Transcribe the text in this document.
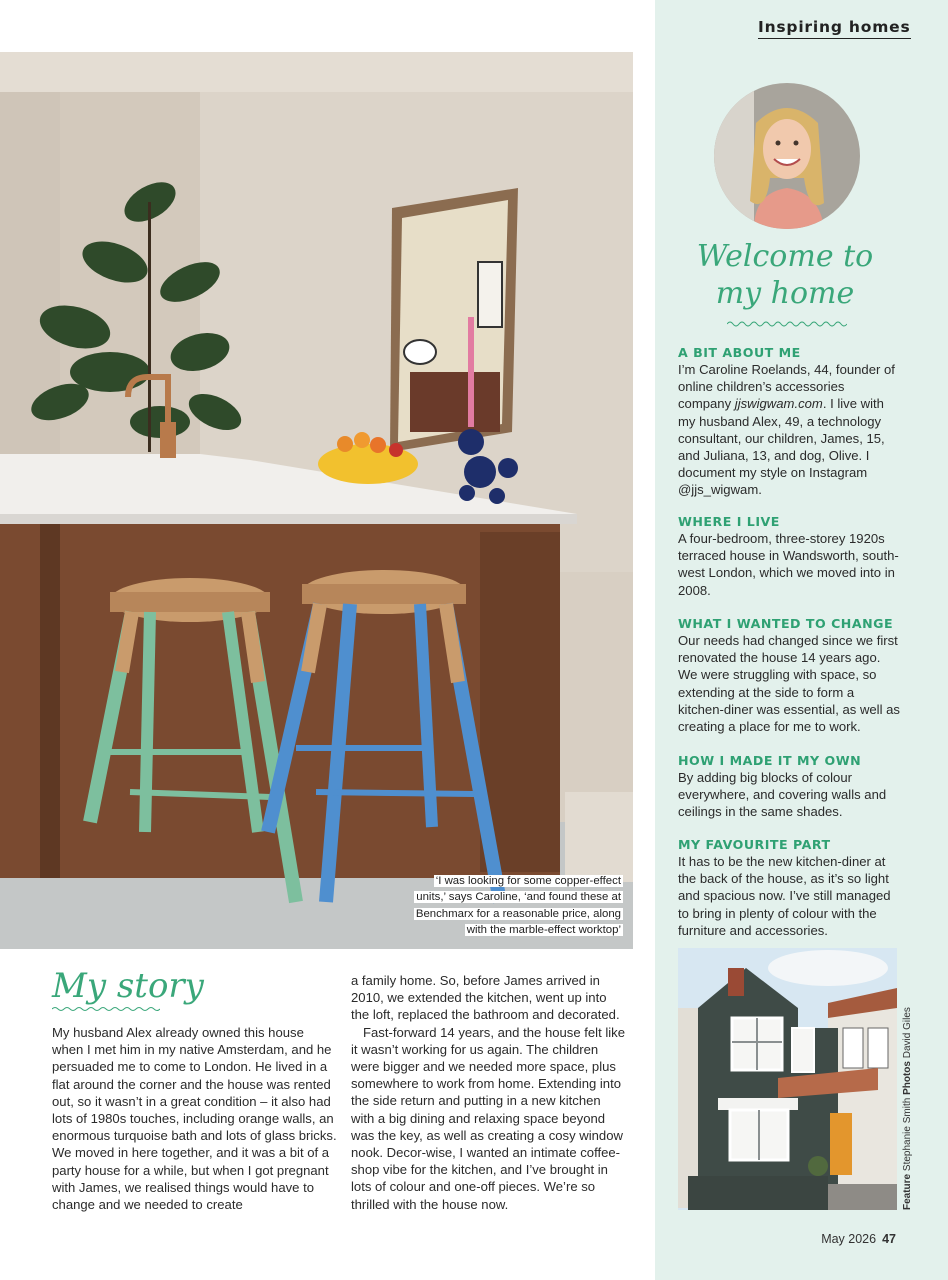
Inspiring homes
‘I was looking for some copper-effect units,’ says Caroline, ‘and found these at Benchmarx for a reasonable price, along with the marble-effect worktop’
Welcome to
my home
A BIT ABOUT ME
I’m Caroline Roelands, 44, founder of online children’s accessories company jjswigwam.com. I live with my husband Alex, 49, a technology consultant, our children, James, 15, and Juliana, 13, and dog, Olive. I document my style on Instagram @jjs_wigwam.
WHERE I LIVE
A four-bedroom, three-storey 1920s terraced house in Wandsworth, south-west London, which we moved into in 2008.
WHAT I WANTED TO CHANGE
Our needs had changed since we first renovated the house 14 years ago. We were struggling with space, so extending at the side to form a kitchen-diner was essential, as well as creating a place for me to work.
HOW I MADE IT MY OWN
By adding big blocks of colour everywhere, and covering walls and ceilings in the same shades.
MY FAVOURITE PART
It has to be the new kitchen-diner at the back of the house, as it’s so light and spacious now. I’ve still managed to bring in plenty of colour with the furniture and accessories.
Feature Stephanie Smith Photos David Giles
My story

My husband Alex already owned this house when I met him in my native Amsterdam, and he persuaded me to come to London. He lived in a flat around the corner and the house was rented out, so it wasn’t in a great condition – it also had lots of 1980s touches, including orange walls, an enormous turquoise bath and lots of glass bricks. We moved in here together, and it was a bit of a party house for a while, but when I got pregnant with James, we realised things would have to change and we needed to create

a family home. So, before James arrived in 2010, we extended the kitchen, went up into the loft, replaced the bathroom and decorated.

Fast-forward 14 years, and the house felt like it wasn’t working for us again. The children were bigger and we needed more space, plus somewhere to work from home. Extending into the side return and putting in a new kitchen with a big dining and relaxing space beyond was the key, as well as creating a cosy window nook. Decor-wise, I wanted an intimate coffee-shop vibe for the kitchen, and I’ve brought in lots of colour and one-off pieces. We’re so thrilled with the house now.

May 2026 47
